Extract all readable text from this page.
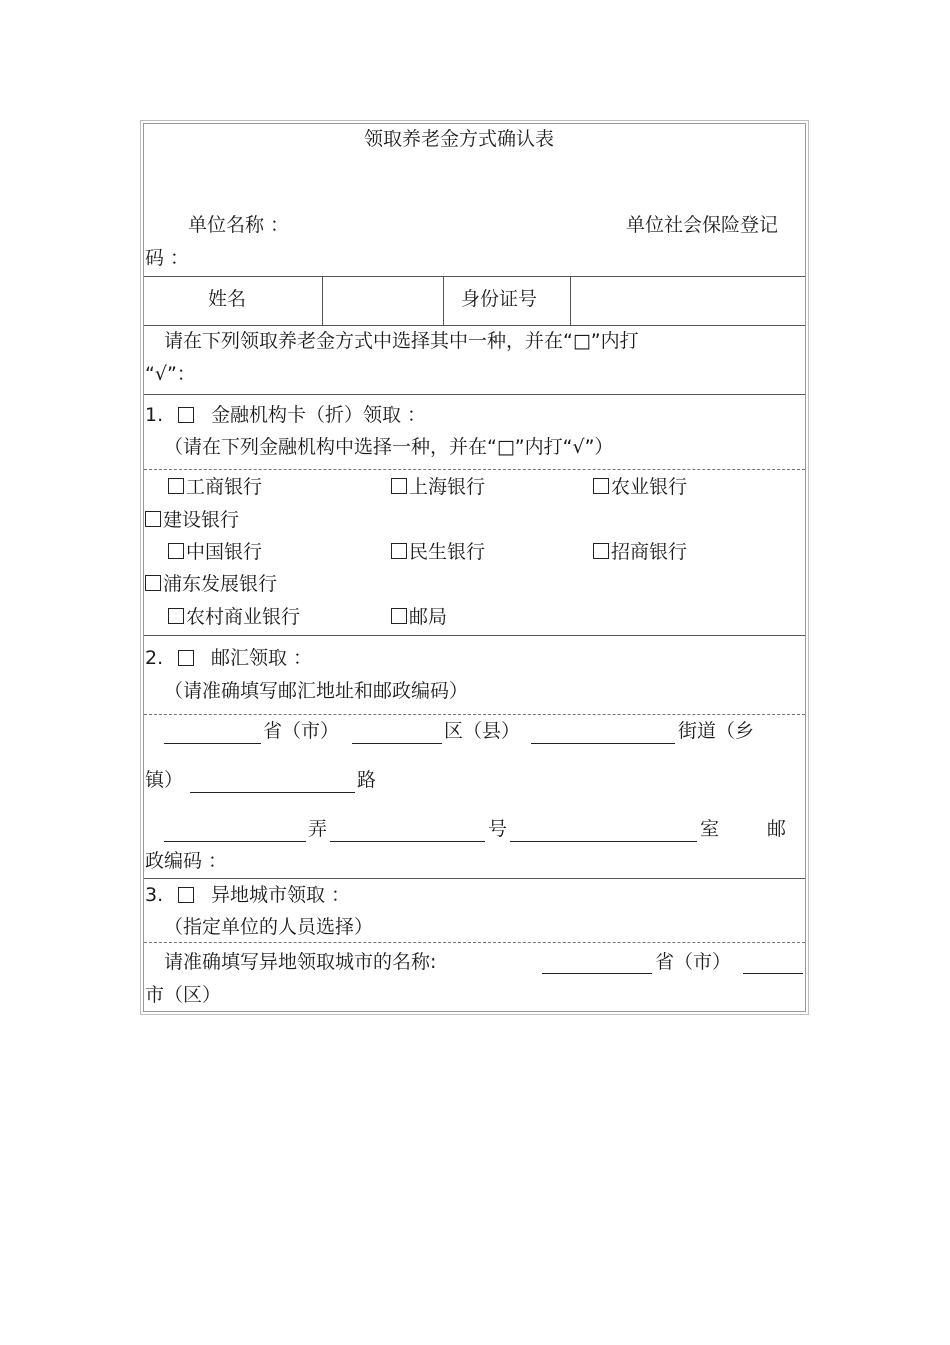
领取养老金方式确认表
单位名称 ：	单位社会保险登记
码 ：
姓名	身份证号
请在下列领取养老金方式中选择其中一种，并在“□”内打
“√”：
1.	金融机构卡（折）领取 ：
（请在下列金融机构中选择一种，并在“□”内打“√”）
工商银行	上海银行	农业银行
建设银行
中国银行	民生银行	招商银行
浦东发展银行
农村商业银行	邮局
2.	邮汇领取 ：
（请准确填写邮汇地址和邮政编码）
省（市）	区（县）	街道（乡
镇）	路
弄	号	室	邮
政编码 ：
3.	异地城市领取 ：
（指定单位的人员选择）
请准确填写异地领取城市的名称:	省（市）
市（区）
